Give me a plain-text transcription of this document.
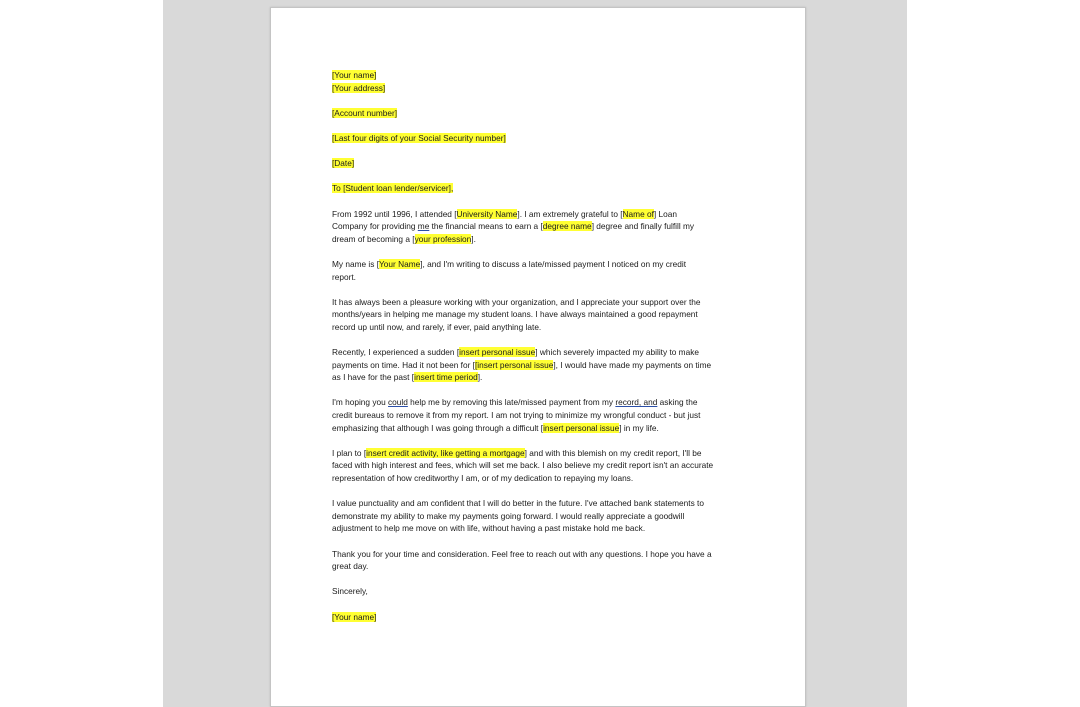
[Your name]
[Your address]
[Account number]
[Last four digits of your Social Security number]
[Date]
To [Student loan lender/servicer],
From 1992 until 1996, I attended [University Name]. I am extremely grateful to [Name of] Loan
Company for providing me the financial means to earn a [degree name] degree and finally fulfill my
dream of becoming a [your profession].
My name is [Your Name], and I'm writing to discuss a late/missed payment I noticed on my credit
report.
It has always been a pleasure working with your organization, and I appreciate your support over the
months/years in helping me manage my student loans. I have always maintained a good repayment
record up until now, and rarely, if ever, paid anything late.
Recently, I experienced a sudden [insert personal issue] which severely impacted my ability to make
payments on time. Had it not been for [[insert personal issue], I would have made my payments on time
as I have for the past [insert time period].
I'm hoping you could help me by removing this late/missed payment from my record, and asking the
credit bureaus to remove it from my report. I am not trying to minimize my wrongful conduct - but just
emphasizing that although I was going through a difficult [insert personal issue] in my life.
I plan to [insert credit activity, like getting a mortgage] and with this blemish on my credit report, I'll be
faced with high interest and fees, which will set me back. I also believe my credit report isn't an accurate
representation of how creditworthy I am, or of my dedication to repaying my loans.
I value punctuality and am confident that I will do better in the future. I've attached bank statements to
demonstrate my ability to make my payments going forward. I would really appreciate a goodwill
adjustment to help me move on with life, without having a past mistake hold me back.
Thank you for your time and consideration. Feel free to reach out with any questions. I hope you have a
great day.
Sincerely,
[Your name]
